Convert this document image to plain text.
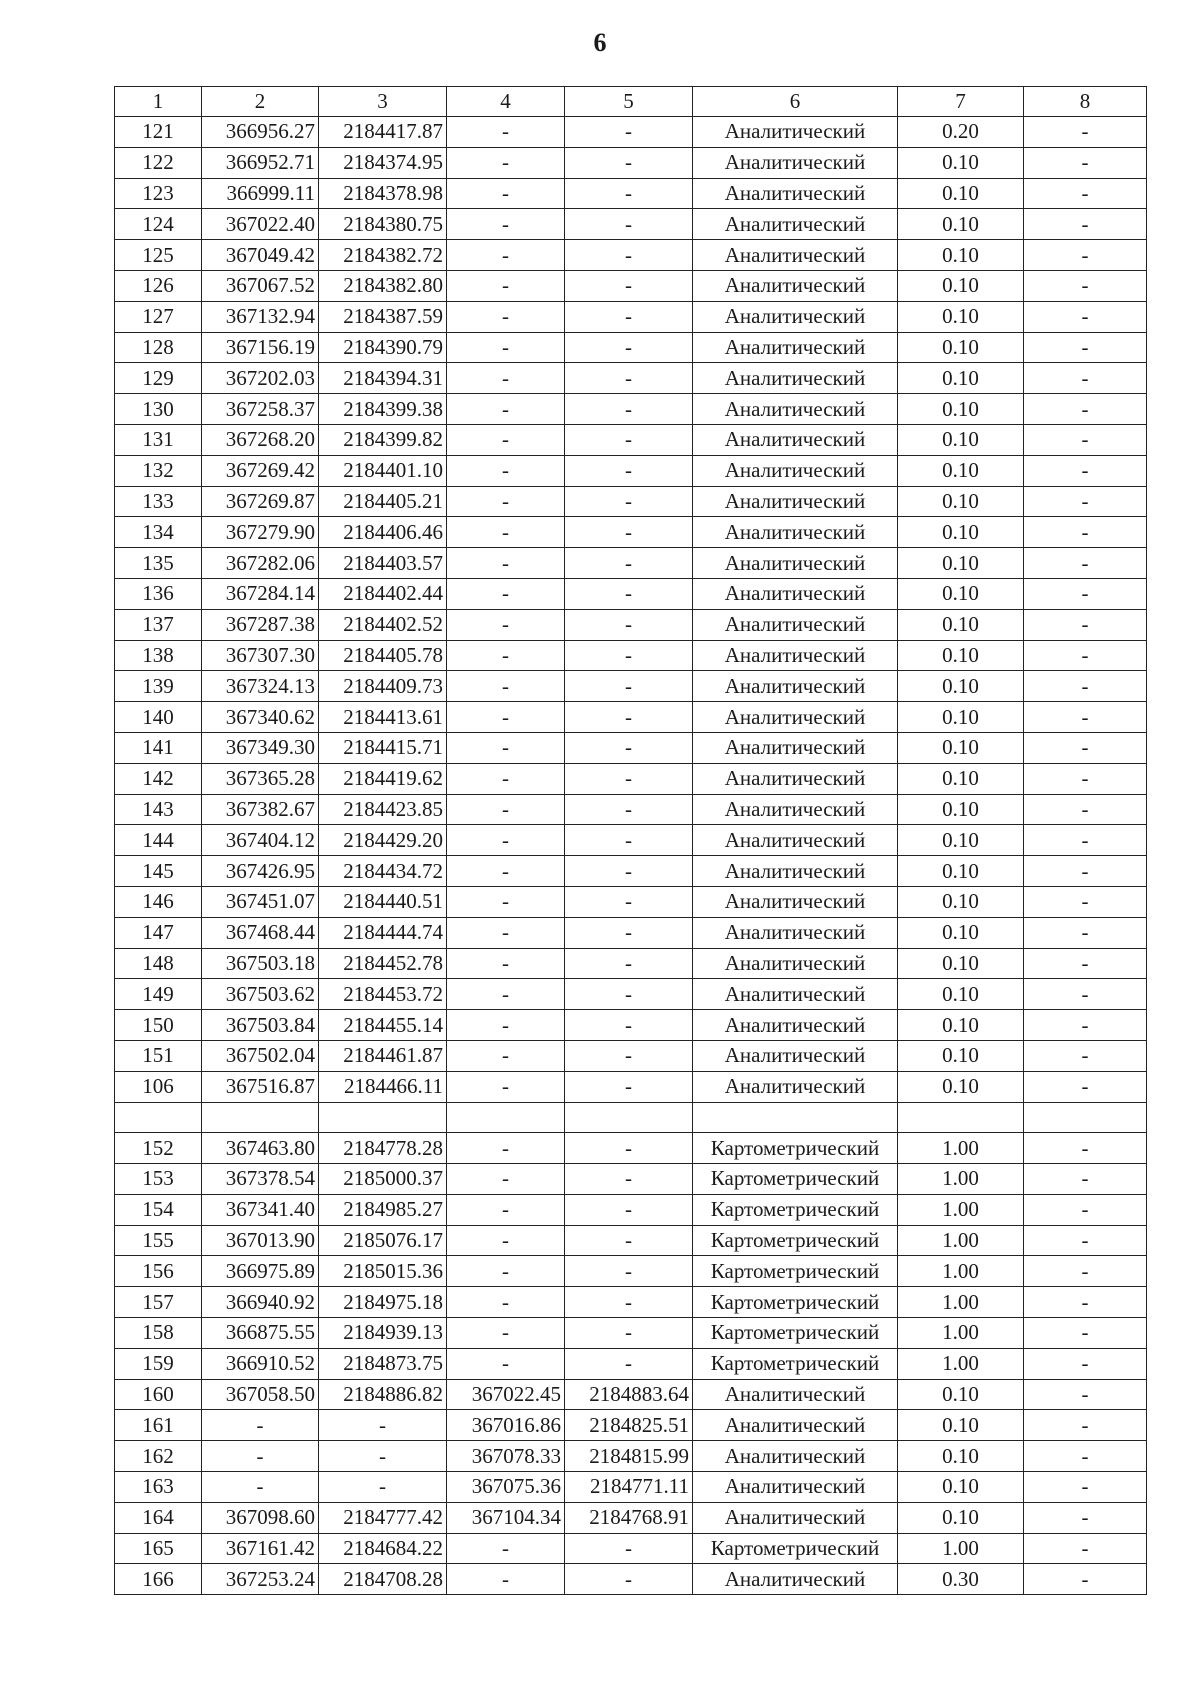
6
1	2	3	4	5	6	7	8
121	366956.27	2184417.87	-	-	Аналитический	0.20	-
122	366952.71	2184374.95	-	-	Аналитический	0.10	-
123	366999.11	2184378.98	-	-	Аналитический	0.10	-
124	367022.40	2184380.75	-	-	Аналитический	0.10	-
125	367049.42	2184382.72	-	-	Аналитический	0.10	-
126	367067.52	2184382.80	-	-	Аналитический	0.10	-
127	367132.94	2184387.59	-	-	Аналитический	0.10	-
128	367156.19	2184390.79	-	-	Аналитический	0.10	-
129	367202.03	2184394.31	-	-	Аналитический	0.10	-
130	367258.37	2184399.38	-	-	Аналитический	0.10	-
131	367268.20	2184399.82	-	-	Аналитический	0.10	-
132	367269.42	2184401.10	-	-	Аналитический	0.10	-
133	367269.87	2184405.21	-	-	Аналитический	0.10	-
134	367279.90	2184406.46	-	-	Аналитический	0.10	-
135	367282.06	2184403.57	-	-	Аналитический	0.10	-
136	367284.14	2184402.44	-	-	Аналитический	0.10	-
137	367287.38	2184402.52	-	-	Аналитический	0.10	-
138	367307.30	2184405.78	-	-	Аналитический	0.10	-
139	367324.13	2184409.73	-	-	Аналитический	0.10	-
140	367340.62	2184413.61	-	-	Аналитический	0.10	-
141	367349.30	2184415.71	-	-	Аналитический	0.10	-
142	367365.28	2184419.62	-	-	Аналитический	0.10	-
143	367382.67	2184423.85	-	-	Аналитический	0.10	-
144	367404.12	2184429.20	-	-	Аналитический	0.10	-
145	367426.95	2184434.72	-	-	Аналитический	0.10	-
146	367451.07	2184440.51	-	-	Аналитический	0.10	-
147	367468.44	2184444.74	-	-	Аналитический	0.10	-
148	367503.18	2184452.78	-	-	Аналитический	0.10	-
149	367503.62	2184453.72	-	-	Аналитический	0.10	-
150	367503.84	2184455.14	-	-	Аналитический	0.10	-
151	367502.04	2184461.87	-	-	Аналитический	0.10	-
106	367516.87	2184466.11	-	-	Аналитический	0.10	-

152	367463.80	2184778.28	-	-	Картометрический	1.00	-
153	367378.54	2185000.37	-	-	Картометрический	1.00	-
154	367341.40	2184985.27	-	-	Картометрический	1.00	-
155	367013.90	2185076.17	-	-	Картометрический	1.00	-
156	366975.89	2185015.36	-	-	Картометрический	1.00	-
157	366940.92	2184975.18	-	-	Картометрический	1.00	-
158	366875.55	2184939.13	-	-	Картометрический	1.00	-
159	366910.52	2184873.75	-	-	Картометрический	1.00	-
160	367058.50	2184886.82	367022.45	2184883.64	Аналитический	0.10	-
161	-	-	367016.86	2184825.51	Аналитический	0.10	-
162	-	-	367078.33	2184815.99	Аналитический	0.10	-
163	-	-	367075.36	2184771.11	Аналитический	0.10	-
164	367098.60	2184777.42	367104.34	2184768.91	Аналитический	0.10	-
165	367161.42	2184684.22	-	-	Картометрический	1.00	-
166	367253.24	2184708.28	-	-	Аналитический	0.30	-
